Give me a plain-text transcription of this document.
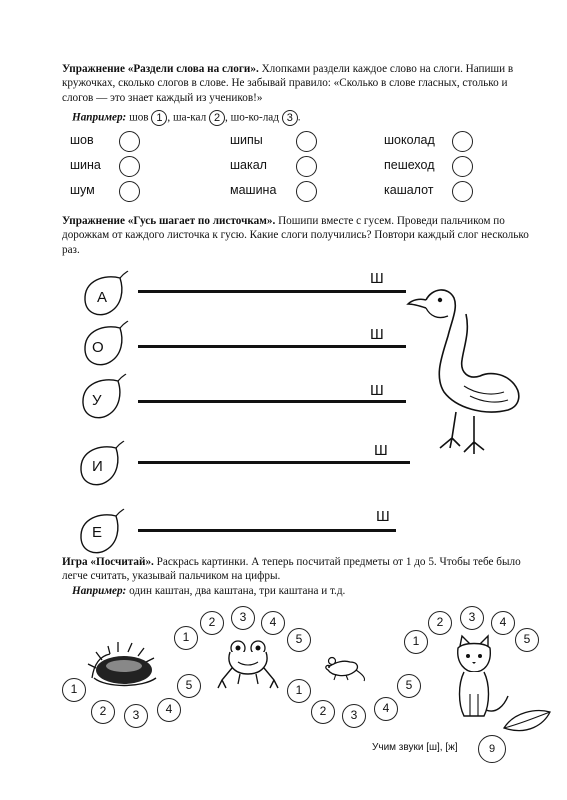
Упражнение «Раздели слова на слоги». Хлопками раздели каждое слово на слоги. Напиши в кружочках, сколько слогов в слове. Не забывай правило: «Сколько в слове гласных, столько и слогов — это знает каждый из учеников!»
Например: шов 1 , ша-кал 2 , шо-ко-лад 3 .
шов	шипы	шоколад
шина	шакал	пешеход
шум	машина	кашалот
Упражнение «Гусь шагает по листочкам». Пошипи вместе с гусем. Проведи пальчиком по дорожкам от каждого листочка к гусю. Какие слоги получились? Повтори каждый слог несколько раз.
А
Ш
О
Ш
У
Ш
И
Ш
Е
Ш
Игра «Посчитай». Раскрась картинки. А теперь посчитай предметы от 1 до 5. Чтобы тебе было легче считать, указывай пальчиком на цифры.
Например: один каштан, два каштана, три каштана и т.д.
1
2	3	4
5
1
2	3	4
5
1
2	3	4
5
1
2	3	4
5
Учим звуки [ш], [ж]	9
